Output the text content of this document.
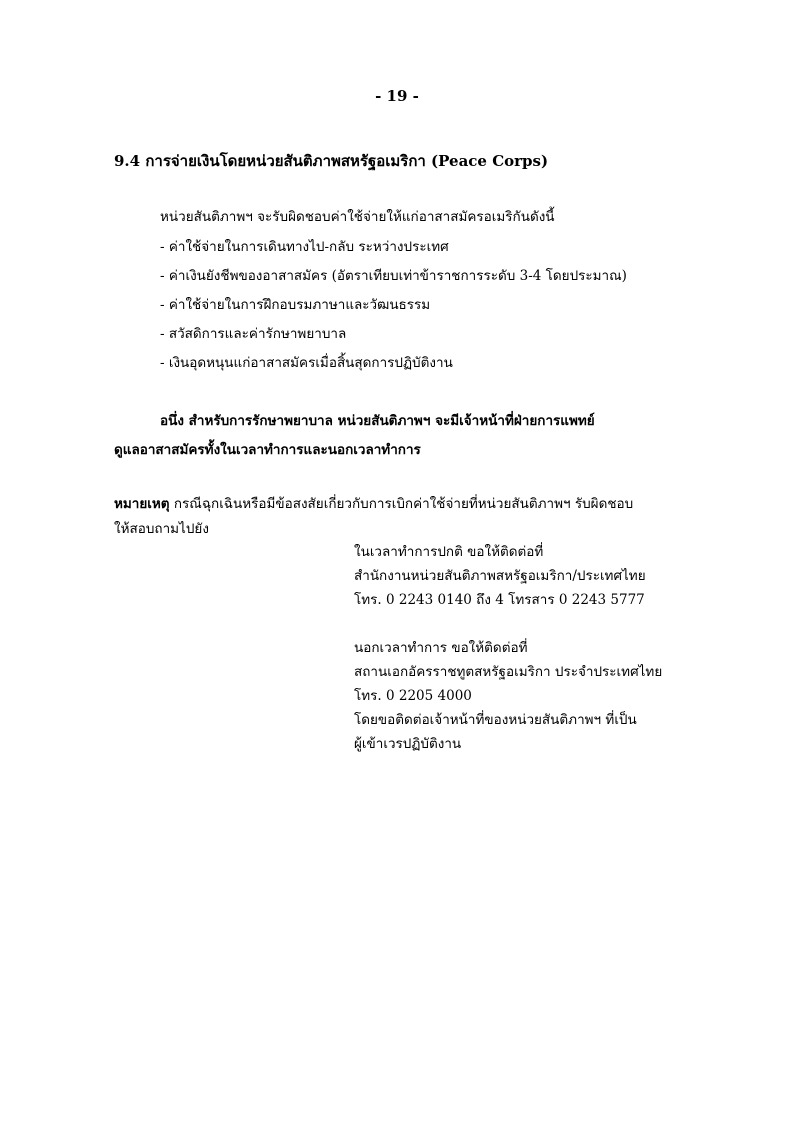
- 19 -
9.4 การจ่ายเงินโดยหน่วยสันติภาพสหรัฐอเมริกา (Peace Corps)
หน่วยสันติภาพฯ จะรับผิดชอบค่าใช้จ่ายให้แก่อาสาสมัครอเมริกันดังนี้
- ค่าใช้จ่ายในการเดินทางไป-กลับ ระหว่างประเทศ
- ค่าเงินยังชีพของอาสาสมัคร (อัตราเทียบเท่าข้าราชการระดับ 3-4 โดยประมาณ)
- ค่าใช้จ่ายในการฝึกอบรมภาษาและวัฒนธรรม
- สวัสดิการและค่ารักษาพยาบาล
- เงินอุดหนุนแก่อาสาสมัครเมื่อสิ้นสุดการปฏิบัติงาน
อนึ่ง สำหรับการรักษาพยาบาล หน่วยสันติภาพฯ จะมีเจ้าหน้าที่ฝ่ายการแพทย์
ดูแลอาสาสมัครทั้งในเวลาทำการและนอกเวลาทำการ
หมายเหตุ กรณีฉุกเฉินหรือมีข้อสงสัยเกี่ยวกับการเบิกค่าใช้จ่ายที่หน่วยสันติภาพฯ รับผิดชอบ
ให้สอบถามไปยัง
ในเวลาทำการปกติ ขอให้ติดต่อที่
สำนักงานหน่วยสันติภาพสหรัฐอเมริกา/ประเทศไทย
โทร. 0 2243 0140 ถึง 4 โทรสาร 0 2243 5777
นอกเวลาทำการ ขอให้ติดต่อที่
สถานเอกอัครราชทูตสหรัฐอเมริกา ประจำประเทศไทย
โทร. 0 2205 4000
โดยขอติดต่อเจ้าหน้าที่ของหน่วยสันติภาพฯ ที่เป็น
ผู้เข้าเวรปฏิบัติงาน
